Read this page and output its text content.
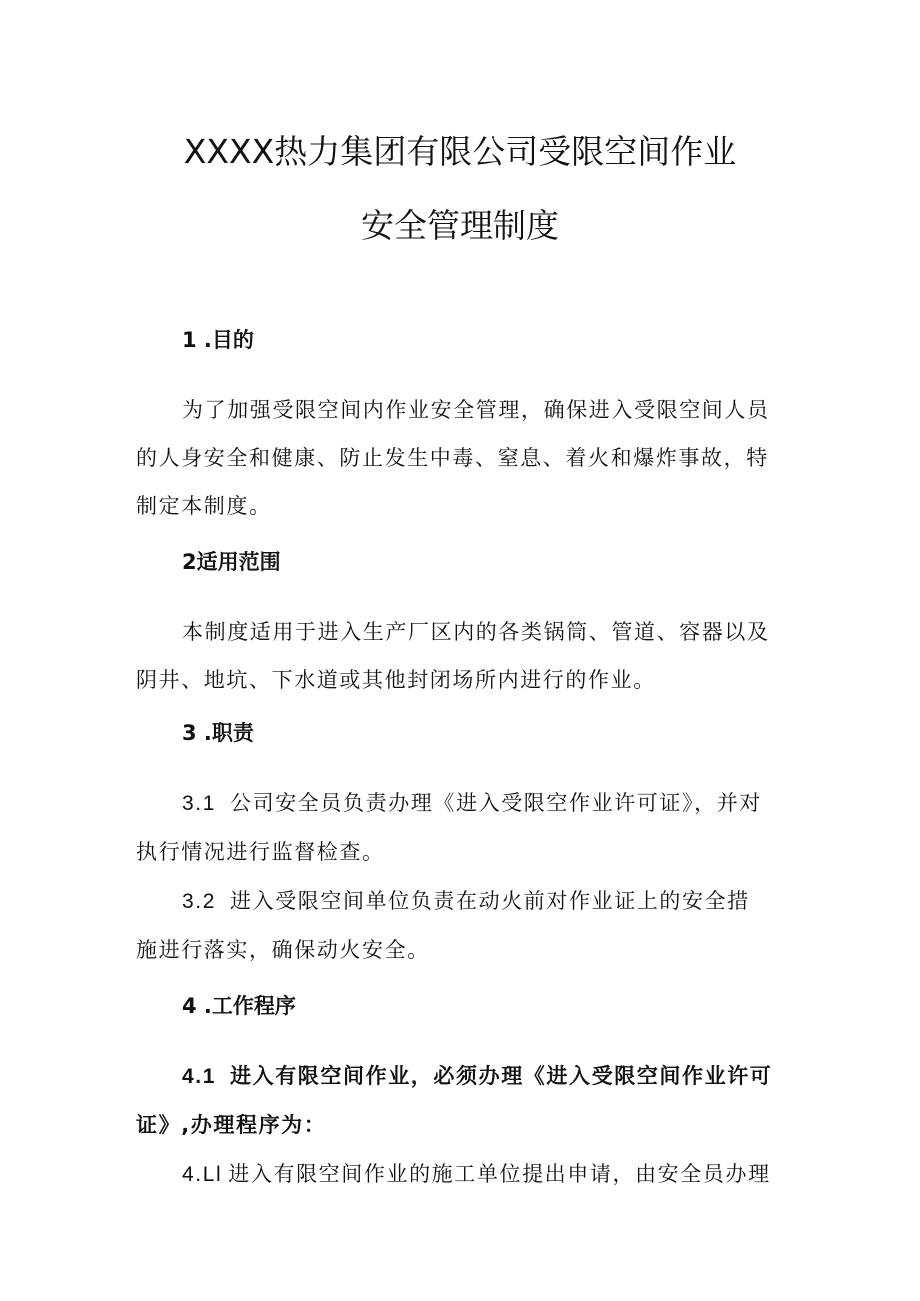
XXXX热力集团有限公司受限空间作业
安全管理制度
1 .目的
为了加强受限空间内作业安全管理，确保进入受限空间人员
的人身安全和健康、防止发生中毒、窒息、着火和爆炸事故，特
制定本制度。
2适用范围
本制度适用于进入生产厂区内的各类锅筒、管道、容器以及
阴井、地坑、下水道或其他封闭场所内进行的作业。
3 .职责
3.1 公司安全员负责办理《进入受限空作业许可证》，并对
执行情况进行监督检查。
3.2 进入受限空间单位负责在动火前对作业证上的安全措
施进行落实，确保动火安全。
4 .工作程序
4.1 进入有限空间作业，必须办理《进入受限空间作业许可
证》,办理程序为：
4.Ll 进入有限空间作业的施工单位提出申请，由安全员办理
